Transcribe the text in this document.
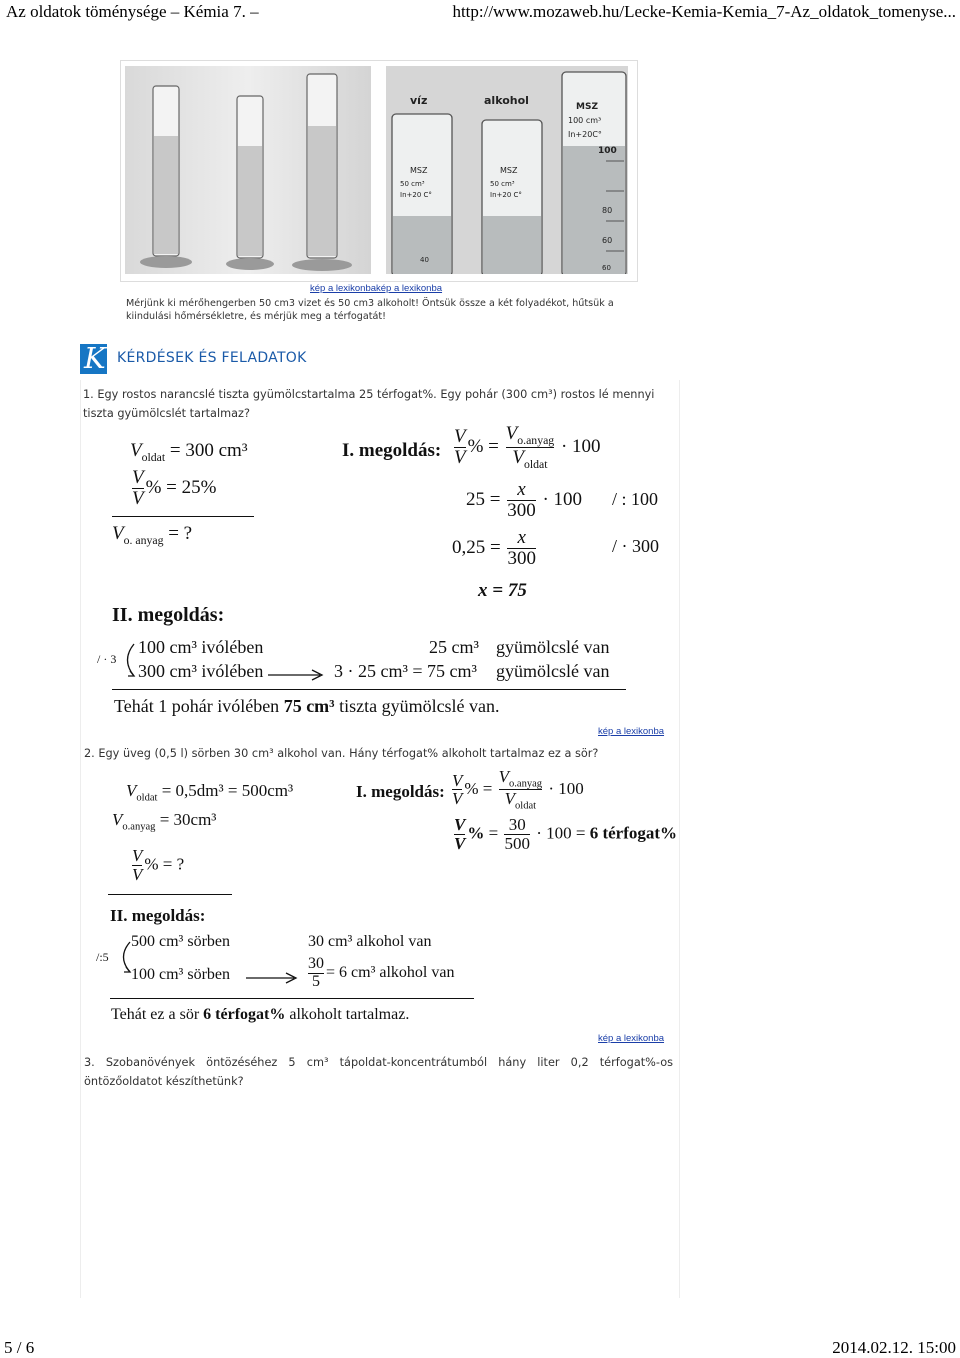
Az oldatok töménysége – Kémia 7. –	http://www.mozaweb.hu/Lecke-Kemia-Kemia_7-Az_oldatok_tomenyse...
víz	alkohol
MSZ
50 cm³
In+20 C°
MSZ
50 cm³
In+20 C°
MSZ
100 cm³
In+20C°
100
80
60
40
60
kép a lexikonbakép a lexikonba
Mérjünk ki mérőhengerben 50 cm3 vizet és 50 cm3 alkoholt! Öntsük össze a két folyadékot, hűtsük a kiindulási hőmérsékletre, és mérjük meg a térfogatát!
K KÉRDÉSEK ÉS FELADATOK
1. Egy rostos narancslé tiszta gyümölcstartalma 25 térfogat%. Egy pohár (300 cm³) rostos lé mennyi
tiszta gyümölcslét tartalmaz?
$V_{oldat} = 300$ cm³
$\frac{V}{V}$ % = 25%
$V_{o. anyag}$ = ?
I. megoldás: $\frac{V}{V}$ % = $\frac{V_{o.anyag}}{V_{oldat}} \cdot 100$
$25 = \frac{x}{300} \cdot 100$ / : 100
$0,25 = \frac{x}{300}$	/ · 300
x = 75
II. megoldás:
/ · 3
100 cm³ ivólében	25 cm³ gyümölcslé van
300 cm³ ivólében	3 · 25 cm³ = 75 cm³ gyümölcslé van
Tehát 1 pohár ivólében 75 cm³ tiszta gyümölcslé van.
kép a lexikonba
2. Egy üveg (0,5 l) sörben 30 cm³ alkohol van. Hány térfogat% alkoholt tartalmaz ez a sör?
$V_{oldat} = 0,5dm^3 = 500cm^3$
$V_{o.anyag} = 30cm^3$
$\frac{V}{V}$ % = ?
I. megoldás: $\frac{V}{V}$ % = $\frac{V_{o.anyag}}{V_{oldat}} \cdot 100$
$\frac{V}{V}$ % = $\frac{30}{500} \cdot 100 = 6$ térfogat%
II. megoldás:
/:5
500 cm³ sörben	30 cm³ alkohol van
100 cm³ sörben	$\frac{30}{5} = 6$ cm³ alkohol van
Tehát ez a sör 6 térfogat% alkoholt tartalmaz.
kép a lexikonba
3. Szobanövények öntözéséhez 5 cm³ tápoldat-koncentrátumból hány liter 0,2 térfogat%-os
öntözőoldatot készíthetünk?
5 / 6	2014.02.12. 15:00
